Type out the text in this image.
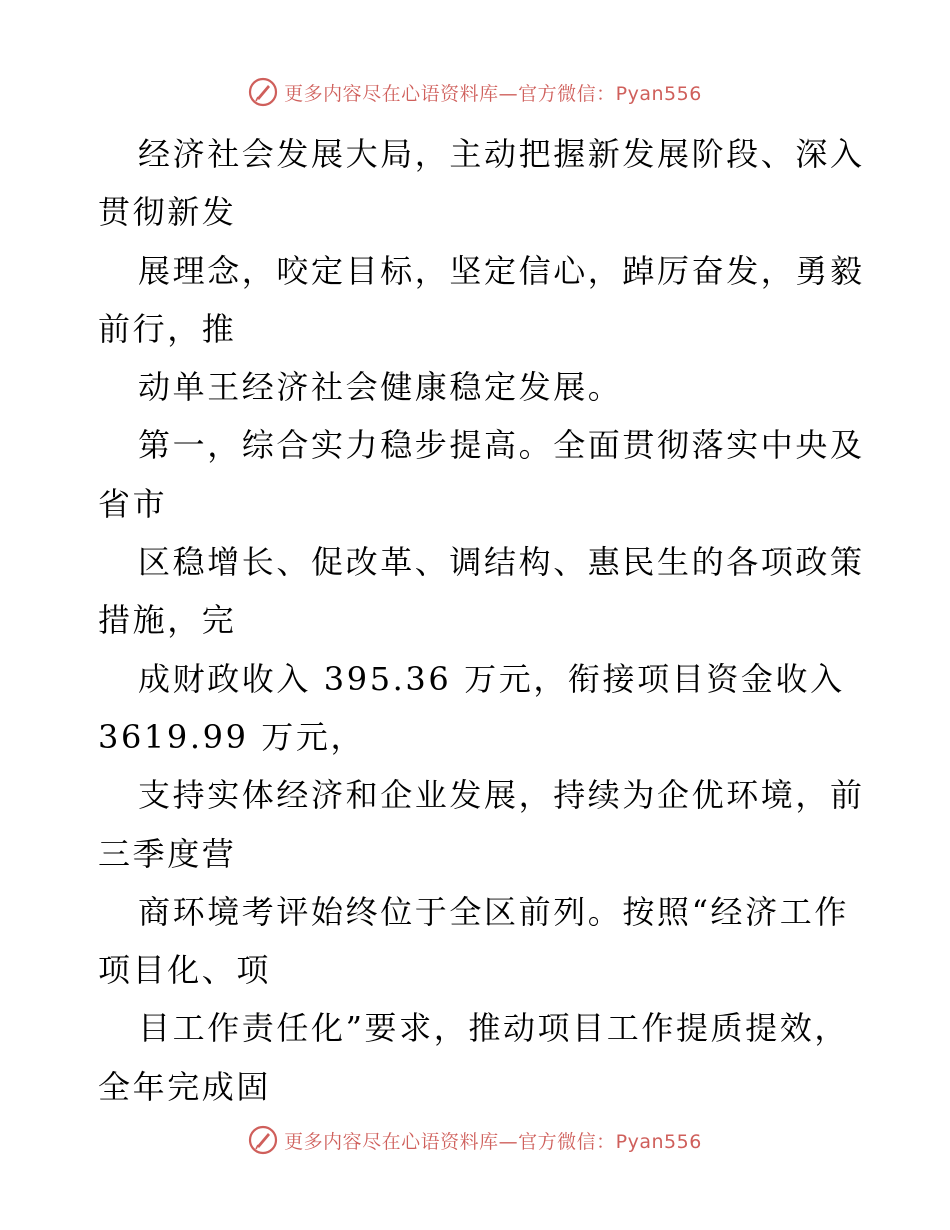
更多内容尽在心语资料库—官方微信：Pyan556
经济社会发展大局，主动把握新发展阶段、深入
贯彻新发
展理念，咬定目标，坚定信心，踔厉奋发，勇毅
前行，推
动单王经济社会健康稳定发展。
第一，综合实力稳步提高。全面贯彻落实中央及
省市
区稳增长、促改革、调结构、惠民生的各项政策
措施，完
成财政收入 395.36 万元，衔接项目资金收入
3619.99 万元，
支持实体经济和企业发展，持续为企优环境，前
三季度营
商环境考评始终位于全区前列。按照“经济工作
项目化、项
目工作责任化”要求，推动项目工作提质提效，
全年完成固
更多内容尽在心语资料库—官方微信：Pyan556
